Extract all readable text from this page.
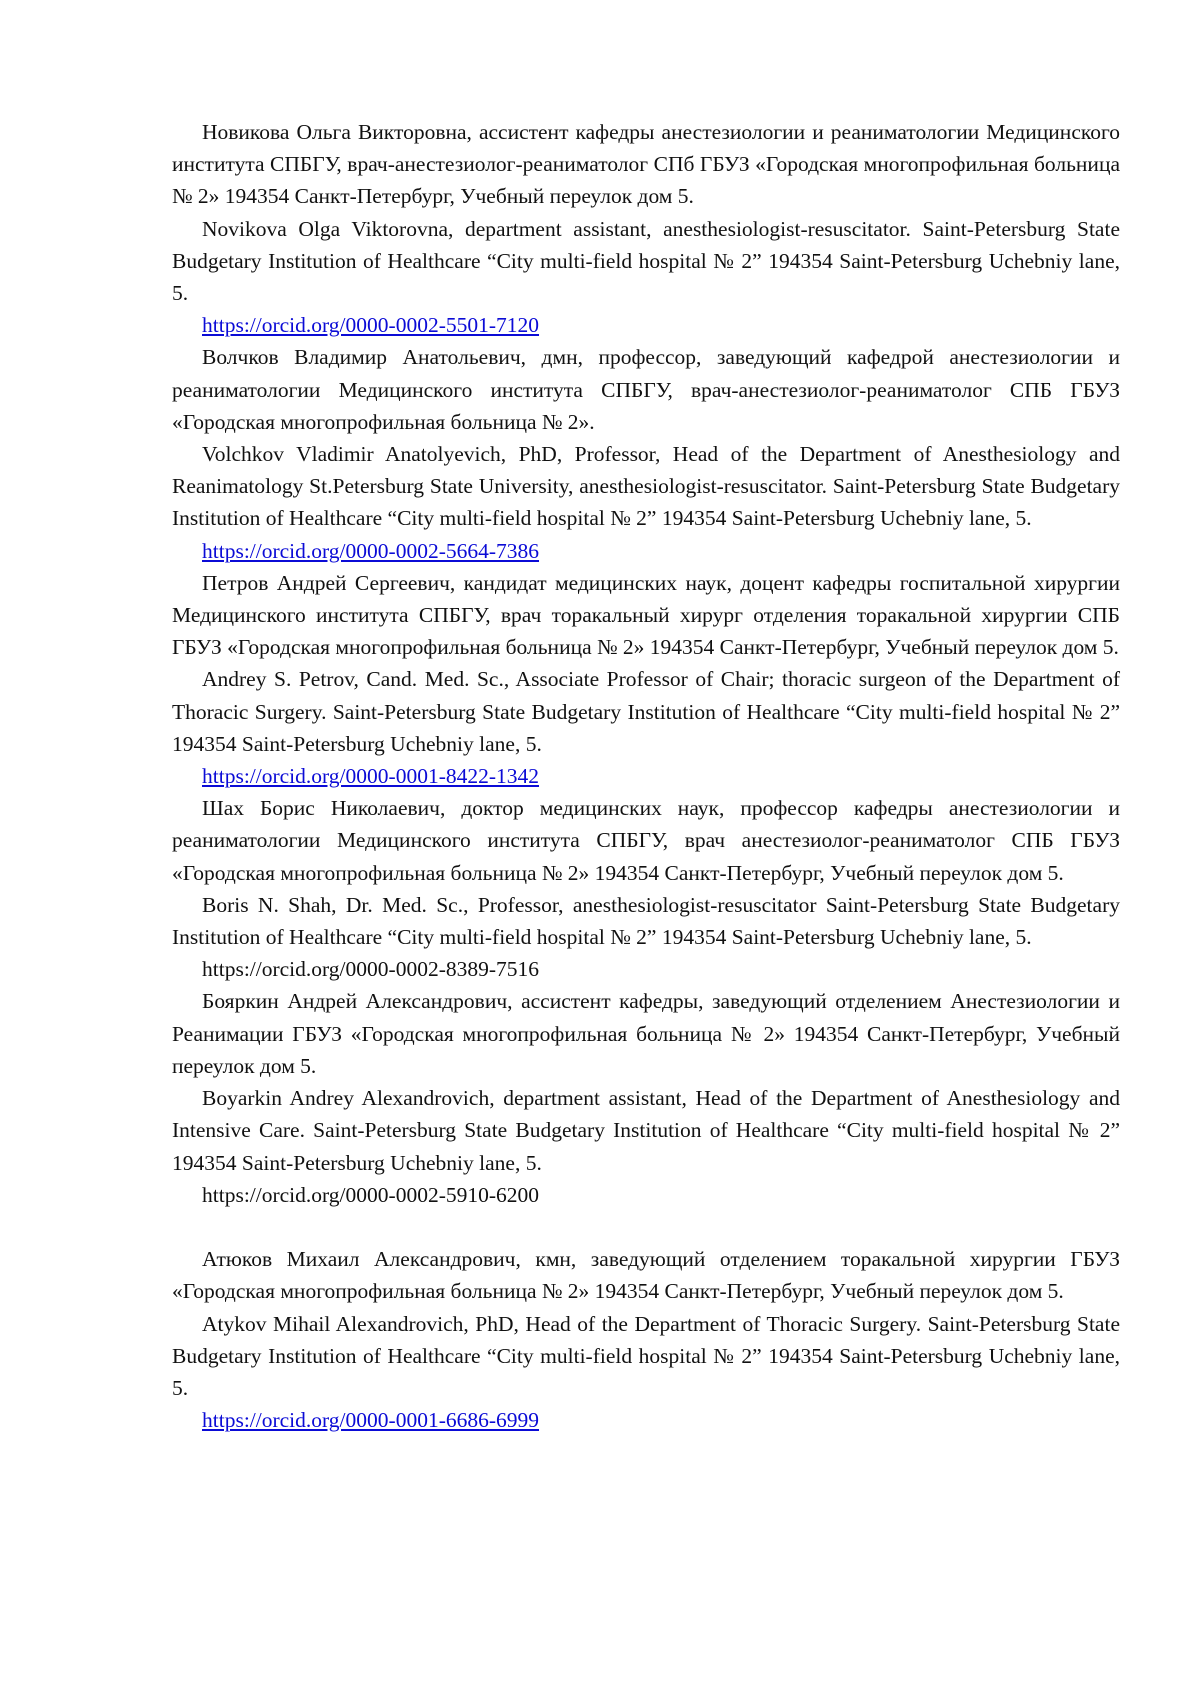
Новикова Ольга Викторовна, ассистент кафедры анестезиологии и реаниматологии Медицинского института СПБГУ, врач-анестезиолог-реаниматолог СПб ГБУЗ «Городская многопрофильная больница № 2» 194354 Санкт-Петербург, Учебный переулок дом 5.

Novikova Olga Viktorovna, department assistant, anesthesiologist-resuscitator. Saint-Petersburg State Budgetary Institution of Healthcare “City multi-field hospital № 2” 194354 Saint-Petersburg Uchebniy lane, 5.

https://orcid.org/0000-0002-5501-7120

Волчков Владимир Анатольевич, дмн, профессор, заведующий кафедрой анестезиологии и реаниматологии Медицинского института СПБГУ, врач-анестезиолог-реаниматолог СПБ ГБУЗ «Городская многопрофильная больница № 2».

Volchkov Vladimir Anatolyevich, PhD, Professor, Head of the Department of Anesthesiology and Reanimatology St.Petersburg State University, anesthesiologist-resuscitator. Saint-Petersburg State Budgetary Institution of Healthcare “City multi-field hospital № 2” 194354 Saint-Petersburg Uchebniy lane, 5.

https://orcid.org/0000-0002-5664-7386

Петров Андрей Сергеевич, кандидат медицинских наук, доцент кафедры госпитальной хирургии Медицинского института СПБГУ, врач торакальный хирург отделения торакальной хирургии СПБ ГБУЗ «Городская многопрофильная больница № 2» 194354 Санкт-Петербург, Учебный переулок дом 5.

Andrey S. Petrov, Cand. Med. Sc., Associate Professor of Chair; thoracic surgeon of the Department of Thoracic Surgery. Saint-Petersburg State Budgetary Institution of Healthcare “City multi-field hospital № 2” 194354 Saint-Petersburg Uchebniy lane, 5.

https://orcid.org/0000-0001-8422-1342

Шах Борис Николаевич, доктор медицинских наук, профессор кафедры анестезиологии и реаниматологии Медицинского института СПБГУ, врач анестезиолог-реаниматолог СПБ ГБУЗ «Городская многопрофильная больница № 2» 194354 Санкт-Петербург, Учебный переулок дом 5.

Boris N. Shah, Dr. Med. Sc., Professor, anesthesiologist-resuscitator Saint-Petersburg State Budgetary Institution of Healthcare “City multi-field hospital № 2” 194354 Saint-Petersburg Uchebniy lane, 5.

https://orcid.org/0000-0002-8389-7516

Бояркин Андрей Александрович, ассистент кафедры, заведующий отделением Анестезиологии и Реанимации ГБУЗ «Городская многопрофильная больница № 2» 194354 Санкт-Петербург, Учебный переулок дом 5.

Boyarkin Andrey Alexandrovich, department assistant, Head of the Department of Anesthesiology and Intensive Care. Saint-Petersburg State Budgetary Institution of Healthcare “City multi-field hospital № 2” 194354 Saint-Petersburg Uchebniy lane, 5.

https://orcid.org/0000-0002-5910-6200

Атюков Михаил Александрович, кмн, заведующий отделением торакальной хирургии ГБУЗ «Городская многопрофильная больница № 2» 194354 Санкт-Петербург, Учебный переулок дом 5.

Atykov Mihail Alexandrovich, PhD, Head of the Department of Thoracic Surgery. Saint-Petersburg State Budgetary Institution of Healthcare “City multi-field hospital № 2” 194354 Saint-Petersburg Uchebniy lane, 5.

https://orcid.org/0000-0001-6686-6999
